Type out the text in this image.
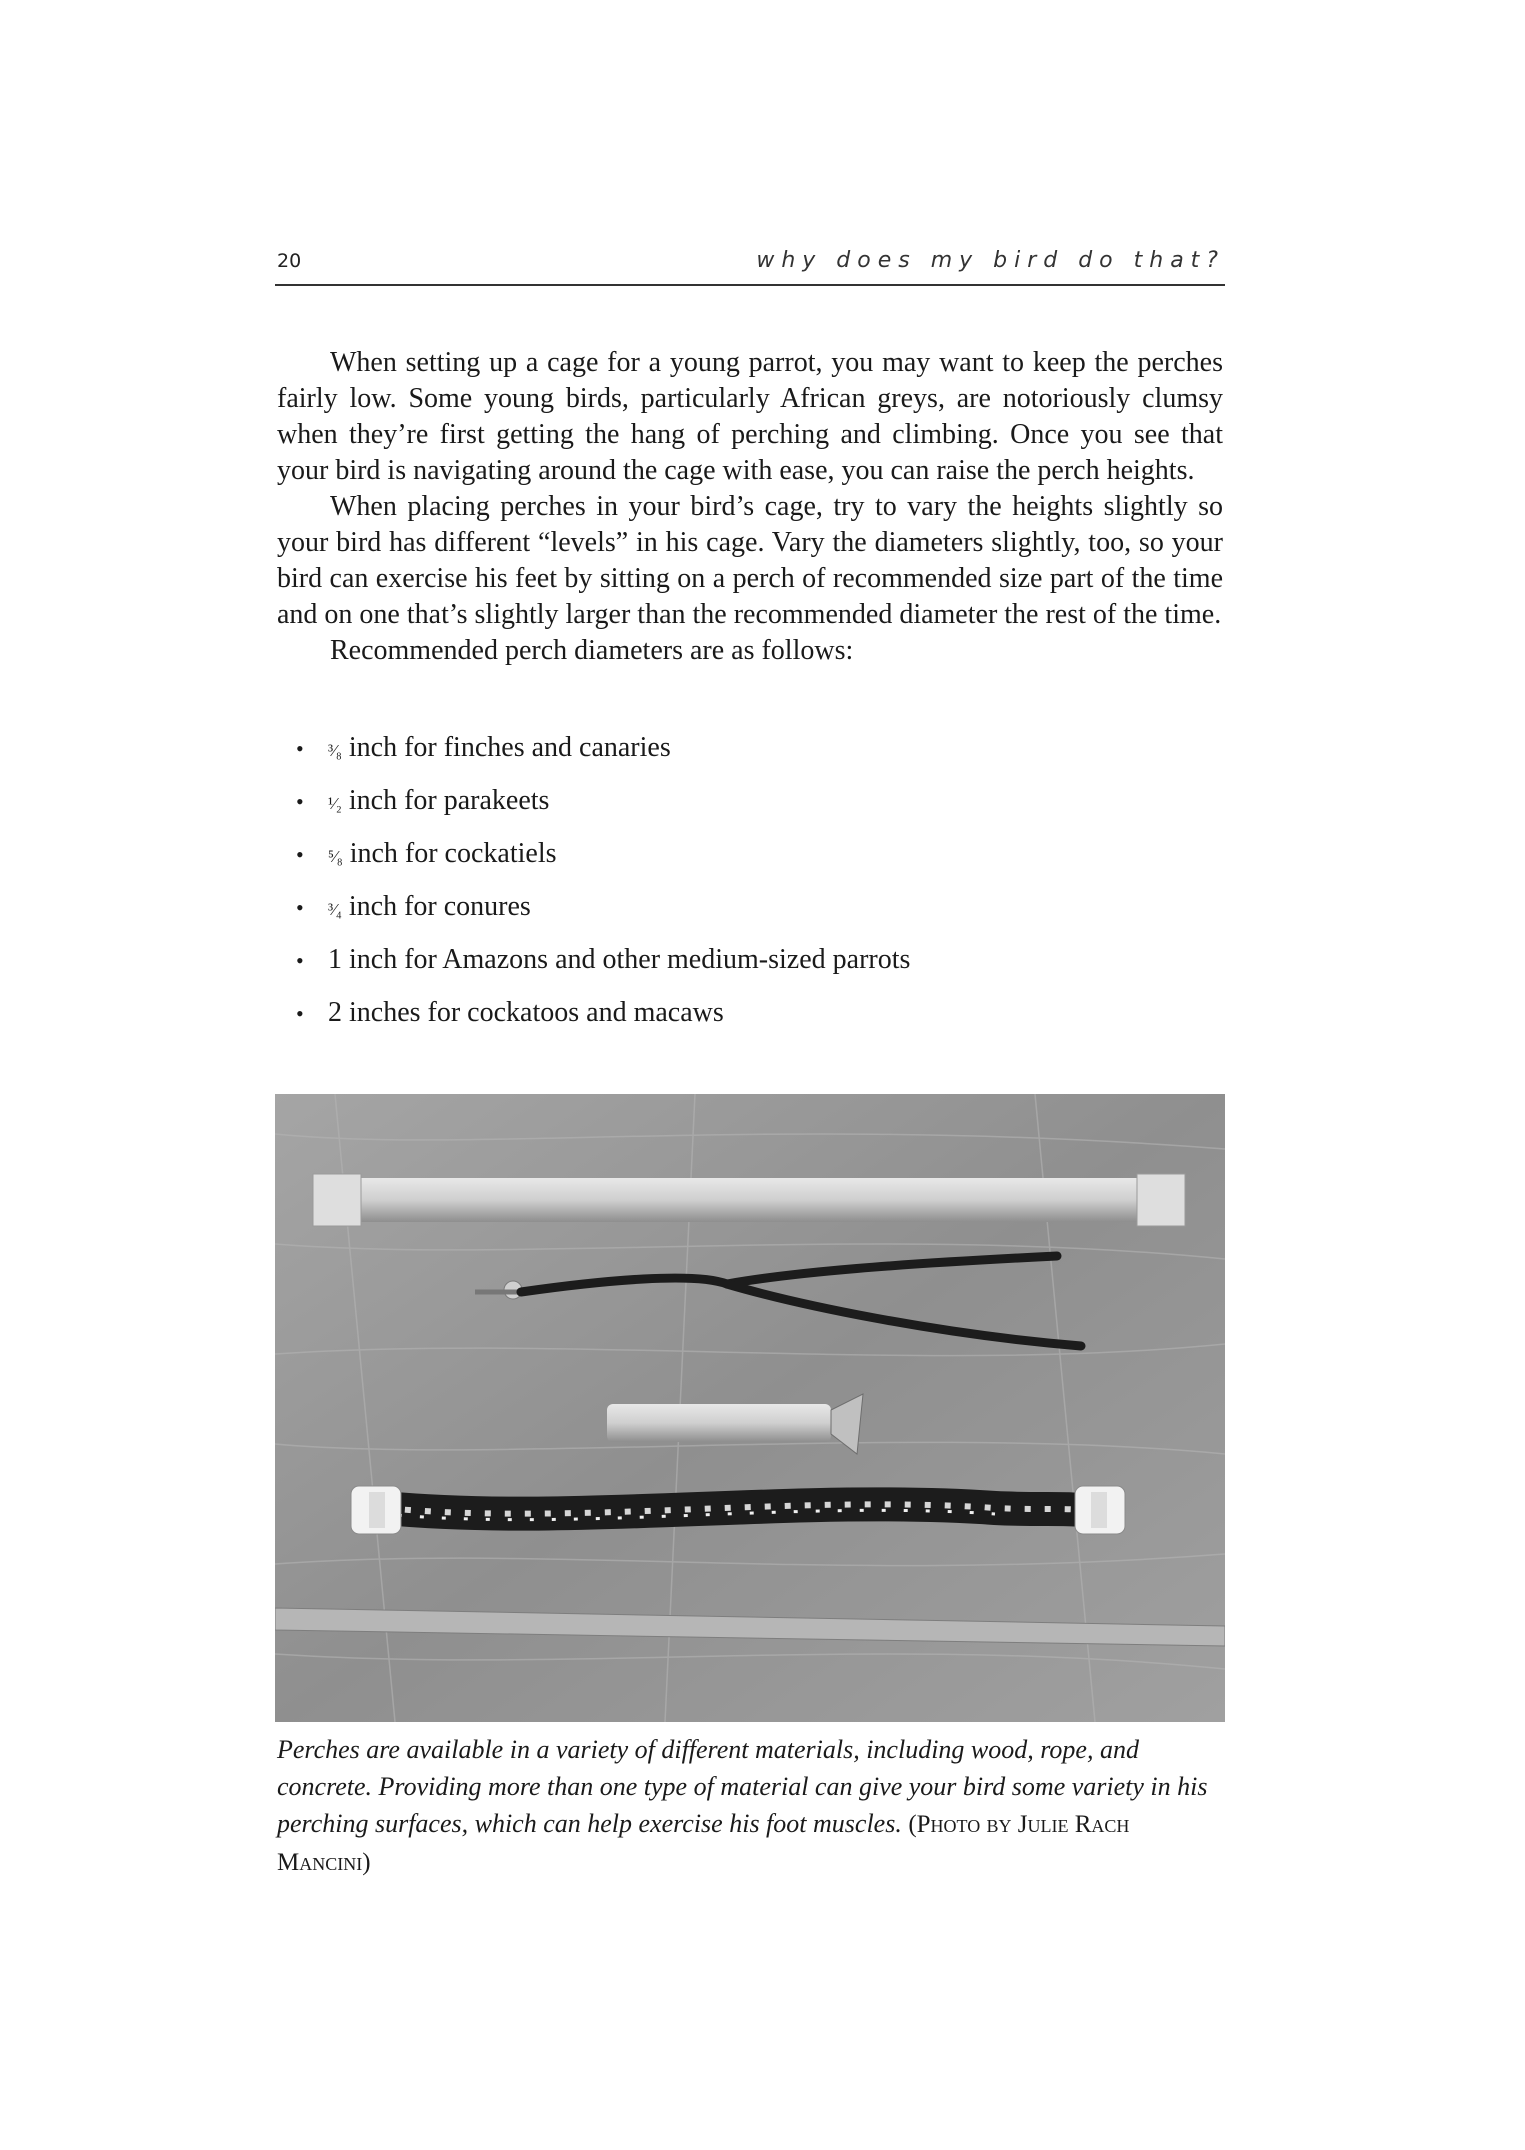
20	why does my bird do that?

When setting up a cage for a young parrot, you may want to keep the perches fairly low. Some young birds, particularly African greys, are notoriously clumsy when they’re first getting the hang of perching and climbing. Once you see that your bird is navigating around the cage with ease, you can raise the perch heights.

When placing perches in your bird’s cage, try to vary the heights slightly so your bird has different “levels” in his cage. Vary the diameters slightly, too, so your bird can exercise his feet by sitting on a perch of recommended size part of the time and on one that’s slightly larger than the recommended diameter the rest of the time.

Recommended perch diameters are as follows:

• ³⁄₈ inch for finches and canaries
• ¹⁄₂ inch for parakeets
• ⁵⁄₈ inch for cockatiels
• ³⁄₄ inch for conures
• 1 inch for Amazons and other medium-sized parrots
• 2 inches for cockatoos and macaws
Perches are available in a variety of different materials, including wood, rope, and concrete. Providing more than one type of material can give your bird some variety in his perching surfaces, which can help exercise his foot muscles. (Photo by Julie Rach Mancini)
